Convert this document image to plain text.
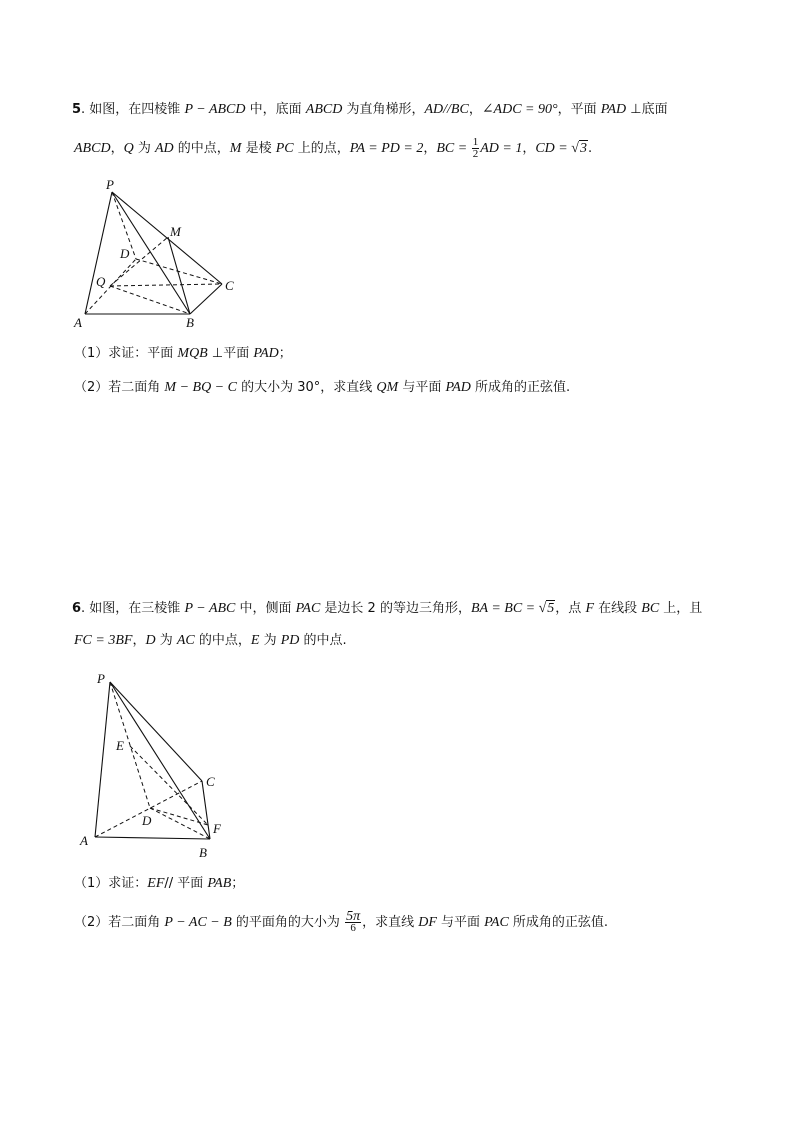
5. 如图，在四棱锥 P − ABCD 中，底面 ABCD 为直角梯形，AD//BC，∠ADC = 90°，平面 PAD ⊥底面
ABCD，Q 为 AD 的中点，M 是棱 PC 上的点，PA = PD = 2，BC = $\frac{1}{2}$ AD = 1，CD = √3.
P
M
D
Q	C
A	B
（1）求证：平面 MQB ⊥平面 PAD；
（2）若二面角 M − BQ − C 的大小为 30°，求直线 QM 与平面 PAD 所成角的正弦值.
6. 如图，在三棱锥 P − ABC 中，侧面 PAC 是边长 2 的等边三角形，BA = BC = √5，点 F 在线段 BC 上，且
FC = 3BF，D 为 AC 的中点，E 为 PD 的中点.
P
E
C
D
F
A
B
（1）求证：EF// 平面 PAB；
（2）若二面角 P − AC − B 的平面角的大小为 $\frac{5\pi}{6}$ ，求直线 DF 与平面 PAC 所成角的正弦值.
